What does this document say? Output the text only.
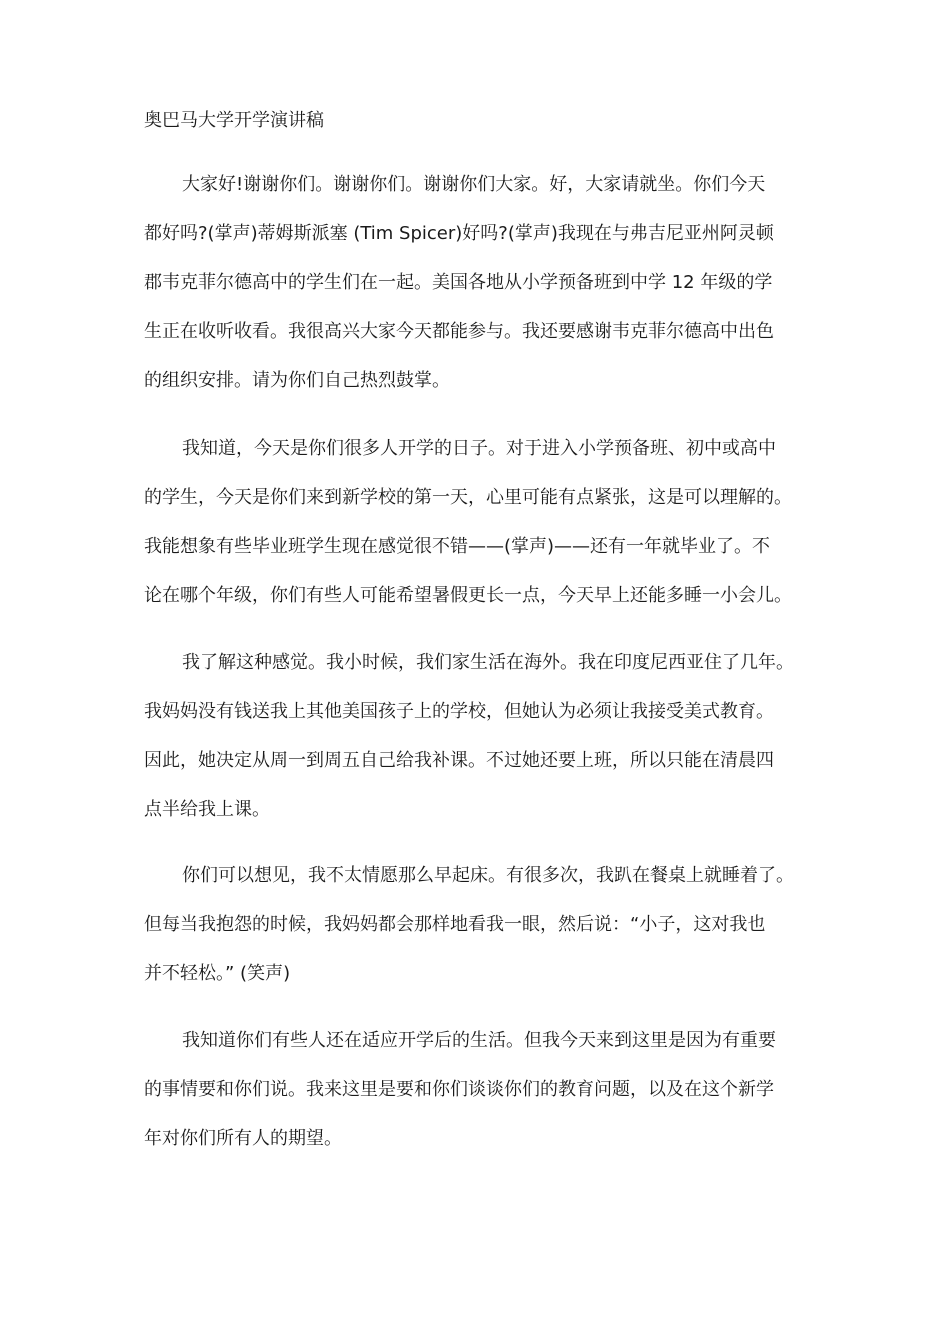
奥巴马大学开学演讲稿
大家好!谢谢你们。谢谢你们。谢谢你们大家。好，大家请就坐。你们今天
都好吗?(掌声)蒂姆斯派塞 (Tim Spicer)好吗?(掌声)我现在与弗吉尼亚州阿灵顿
郡韦克菲尔德高中的学生们在一起。美国各地从小学预备班到中学 12 年级的学
生正在收听收看。我很高兴大家今天都能参与。我还要感谢韦克菲尔德高中出色
的组织安排。请为你们自己热烈鼓掌。
我知道，今天是你们很多人开学的日子。对于进入小学预备班、初中或高中
的学生，今天是你们来到新学校的第一天，心里可能有点紧张，这是可以理解的。
我能想象有些毕业班学生现在感觉很不错——(掌声)——还有一年就毕业了。不
论在哪个年级，你们有些人可能希望暑假更长一点，今天早上还能多睡一小会儿。
我了解这种感觉。我小时候，我们家生活在海外。我在印度尼西亚住了几年。
我妈妈没有钱送我上其他美国孩子上的学校，但她认为必须让我接受美式教育。
因此，她决定从周一到周五自己给我补课。不过她还要上班，所以只能在清晨四
点半给我上课。
你们可以想见，我不太情愿那么早起床。有很多次，我趴在餐桌上就睡着了。
但每当我抱怨的时候，我妈妈都会那样地看我一眼，然后说：“小子，这对我也
并不轻松。” (笑声)
我知道你们有些人还在适应开学后的生活。但我今天来到这里是因为有重要
的事情要和你们说。我来这里是要和你们谈谈你们的教育问题，以及在这个新学
年对你们所有人的期望。
